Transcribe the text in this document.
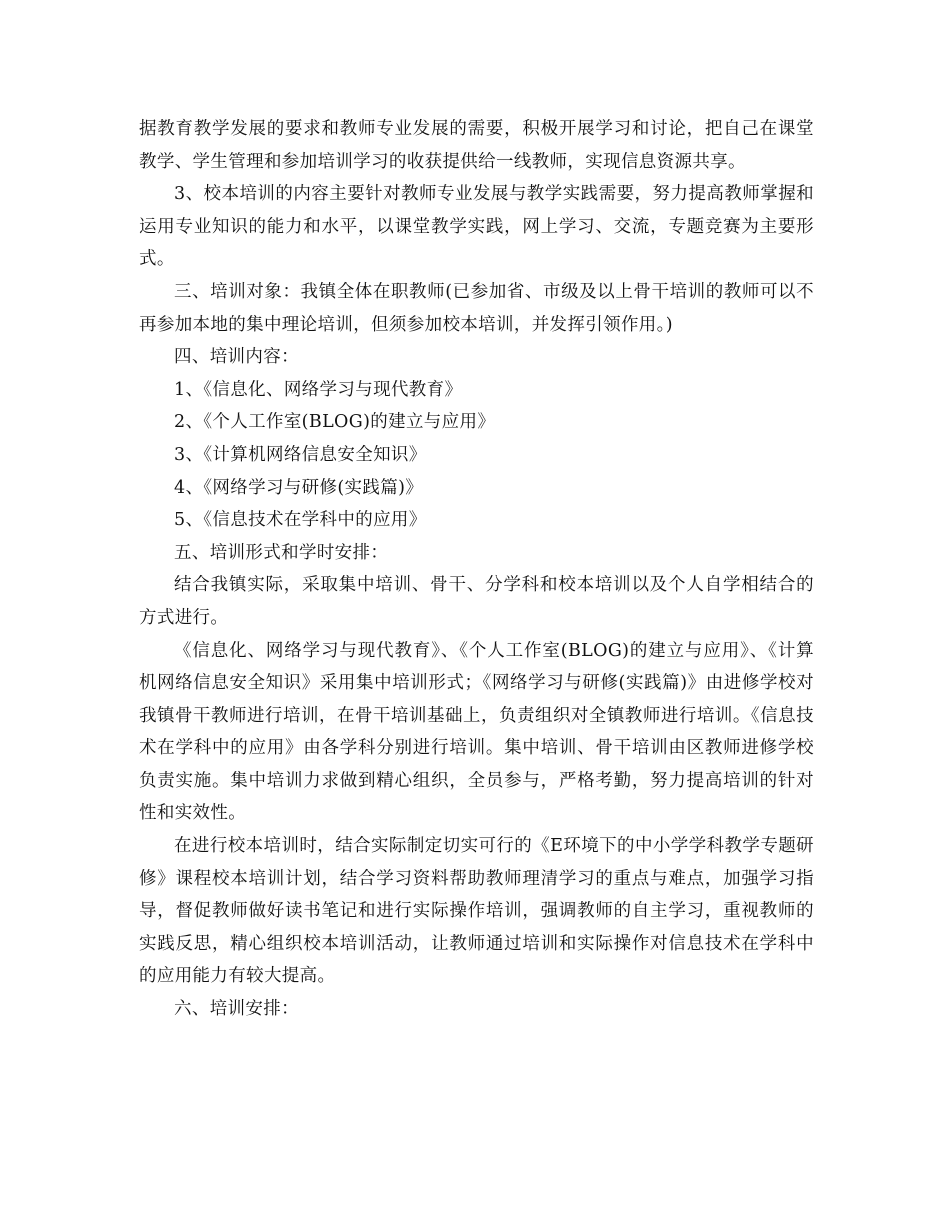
据教育教学发展的要求和教师专业发展的需要，积极开展学习和讨论，把自己在课堂教学、学生管理和参加培训学习的收获提供给一线教师，实现信息资源共享。

3、校本培训的内容主要针对教师专业发展与教学实践需要，努力提高教师掌握和运用专业知识的能力和水平，以课堂教学实践，网上学习、交流，专题竞赛为主要形式。

三、培训对象：我镇全体在职教师(已参加省、市级及以上骨干培训的教师可以不再参加本地的集中理论培训，但须参加校本培训，并发挥引领作用。)

四、培训内容：

1、《信息化、网络学习与现代教育》

2、《个人工作室(BLOG)的建立与应用》

3、《计算机网络信息安全知识》

4、《网络学习与研修(实践篇)》

5、《信息技术在学科中的应用》

五、培训形式和学时安排：

结合我镇实际，采取集中培训、骨干、分学科和校本培训以及个人自学相结合的方式进行。

《信息化、网络学习与现代教育》、《个人工作室(BLOG)的建立与应用》、《计算机网络信息安全知识》采用集中培训形式；《网络学习与研修(实践篇)》由进修学校对我镇骨干教师进行培训，在骨干培训基础上，负责组织对全镇教师进行培训。《信息技术在学科中的应用》由各学科分别进行培训。集中培训、骨干培训由区教师进修学校负责实施。集中培训力求做到精心组织，全员参与，严格考勤，努力提高培训的针对性和实效性。

在进行校本培训时，结合实际制定切实可行的《E环境下的中小学学科教学专题研修》课程校本培训计划，结合学习资料帮助教师理清学习的重点与难点，加强学习指导，督促教师做好读书笔记和进行实际操作培训，强调教师的自主学习，重视教师的实践反思，精心组织校本培训活动，让教师通过培训和实际操作对信息技术在学科中的应用能力有较大提高。

六、培训安排：
